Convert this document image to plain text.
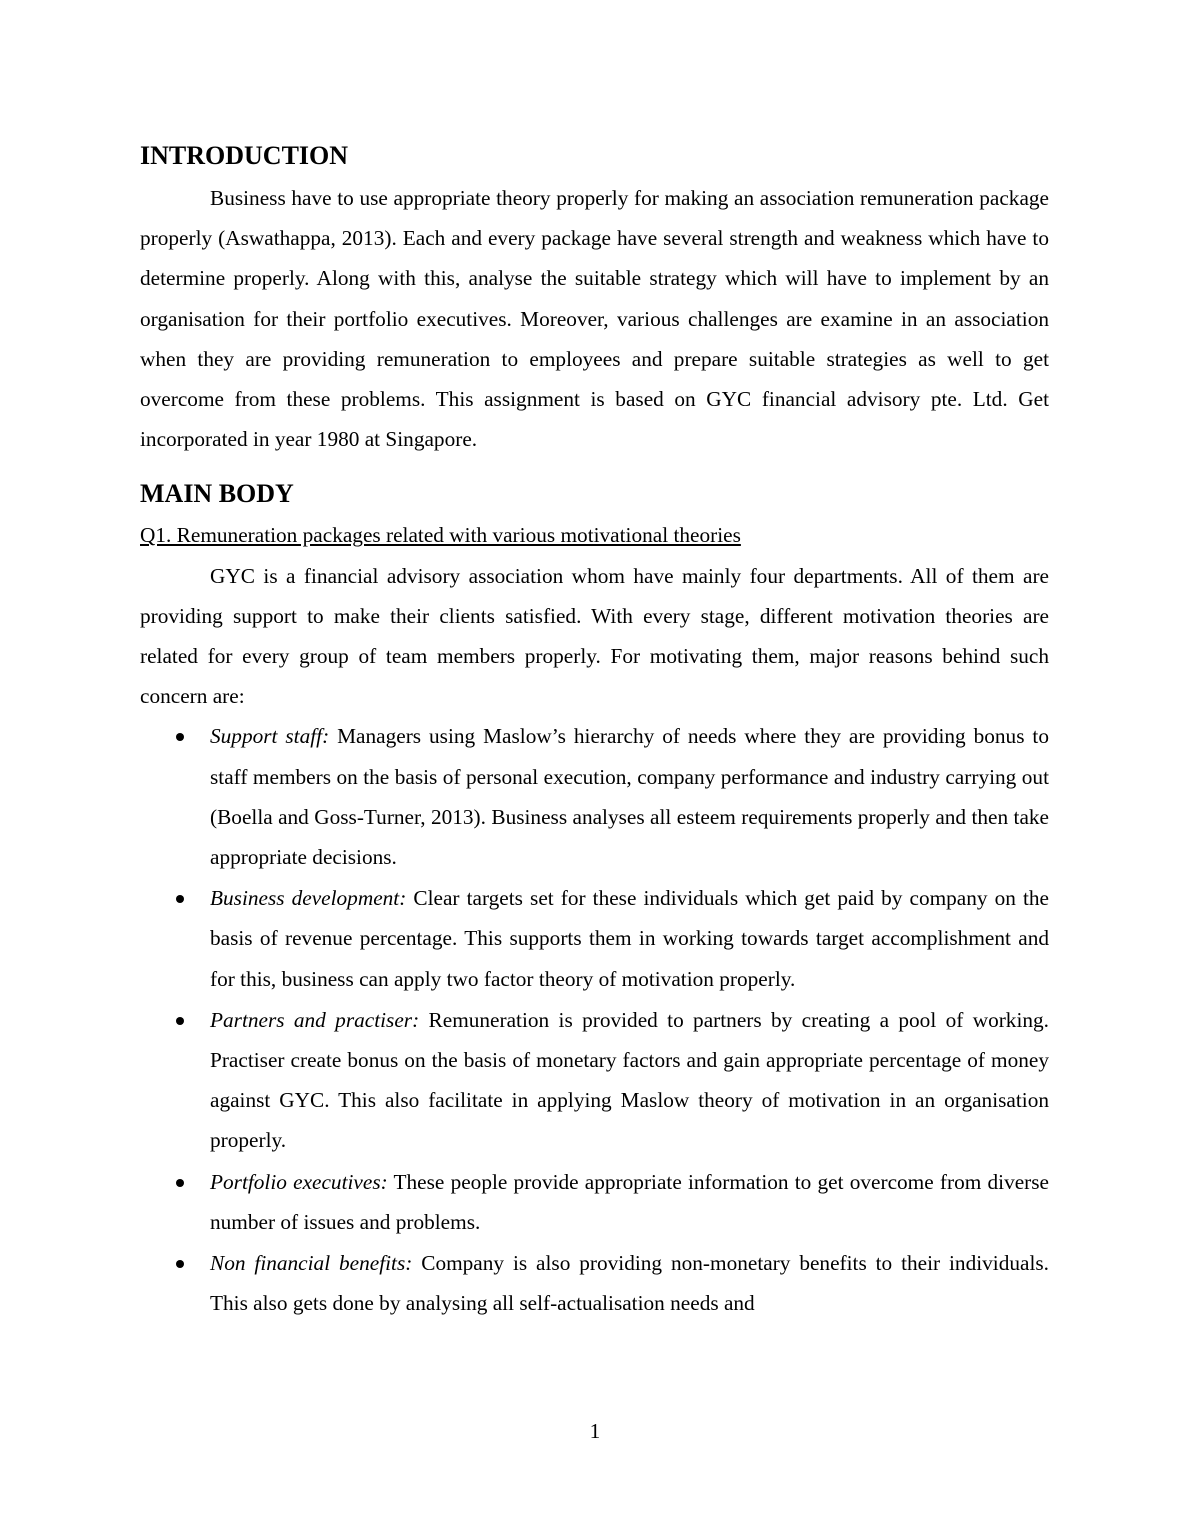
INTRODUCTION

Business have to use appropriate theory properly for making an association remuneration package properly (Aswathappa, 2013). Each and every package have several strength and weakness which have to determine properly. Along with this, analyse the suitable strategy which will have to implement by an organisation for their portfolio executives. Moreover, various challenges are examine in an association when they are providing remuneration to employees and prepare suitable strategies as well to get overcome from these problems. This assignment is based on GYC financial advisory pte. Ltd. Get incorporated in year 1980 at Singapore.

MAIN BODY
Q1. Remuneration packages related with various motivational theories

GYC is a financial advisory association whom have mainly four departments. All of them are providing support to make their clients satisfied. With every stage, different motivation theories are related for every group of team members properly. For motivating them, major reasons behind such concern are:

Support staff: Managers using Maslow’s hierarchy of needs where they are providing bonus to staff members on the basis of personal execution, company performance and industry carrying out (Boella and Goss-Turner, 2013). Business analyses all esteem requirements properly and then take appropriate decisions.
Business development: Clear targets set for these individuals which get paid by company on the basis of revenue percentage. This supports them in working towards target accomplishment and for this, business can apply two factor theory of motivation properly.
Partners and practiser: Remuneration is provided to partners by creating a pool of working. Practiser create bonus on the basis of monetary factors and gain appropriate percentage of money against GYC. This also facilitate in applying Maslow theory of motivation in an organisation properly.
Portfolio executives: These people provide appropriate information to get overcome from diverse number of issues and problems.
Non financial benefits: Company is also providing non-monetary benefits to their individuals. This also gets done by analysing all self-actualisation needs and
1
